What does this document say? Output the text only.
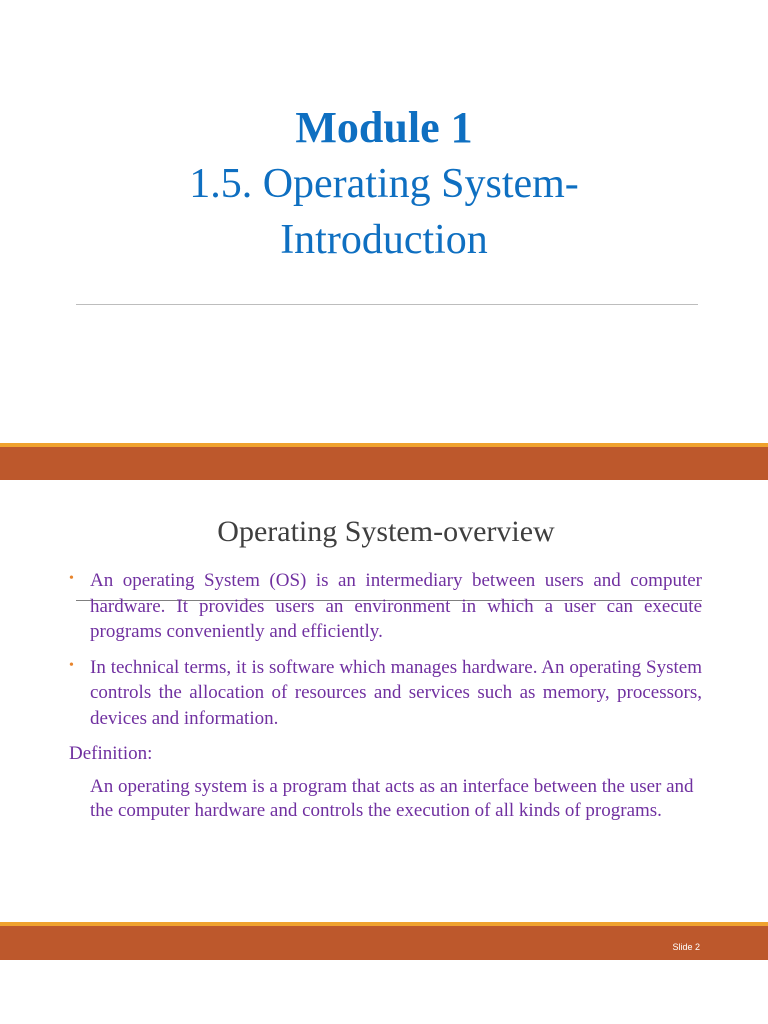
Module 1
1.5. Operating System-
Introduction
Operating System-overview
• An operating System (OS) is an intermediary between users and computer hardware. It provides users an environment in which a user can execute programs conveniently and efficiently.
• In technical terms, it is software which manages hardware. An operating System controls the allocation of resources and services such as memory, processors, devices and information.
Definition:
An operating system is a program that acts as an interface between the user and the computer hardware and controls the execution of all kinds of programs.
Slide 2
